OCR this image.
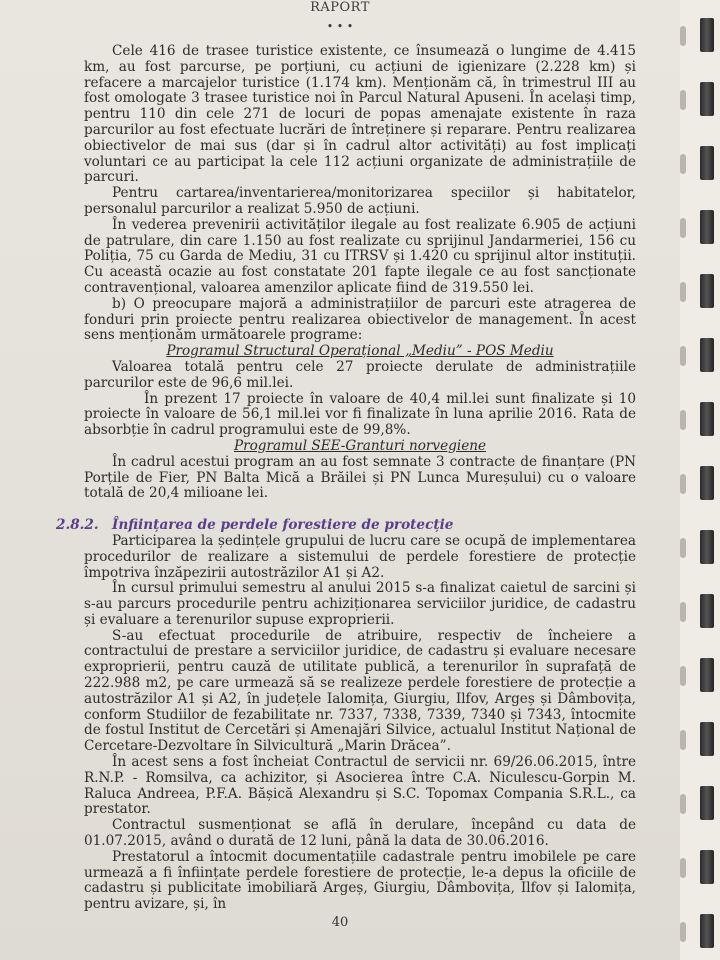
RAPORT
• • •

Cele 416 de trasee turistice existente, ce însumează o lungime de 4.415 km, au fost parcurse, pe porțiuni, cu acțiuni de igienizare (2.228 km) și refacere a marcajelor turistice (1.174 km). Menționăm că, în trimestrul III au fost omologate 3 trasee turistice noi în Parcul Natural Apuseni. În același timp, pentru 110 din cele 271 de locuri de popas amenajate existente în raza parcurilor au fost efectuate lucrări de întreținere și reparare. Pentru realizarea obiectivelor de mai sus (dar și în cadrul altor activități) au fost implicați voluntari ce au participat la cele 112 acțiuni organizate de administrațiile de parcuri.

Pentru cartarea/inventarierea/monitorizarea speciilor și habitatelor, personalul parcurilor a realizat 5.950 de acțiuni.

În vederea prevenirii activităților ilegale au fost realizate 6.905 de acțiuni de patrulare, din care 1.150 au fost realizate cu sprijinul Jandarmeriei, 156 cu Poliția, 75 cu Garda de Mediu, 31 cu ITRSV și 1.420 cu sprijinul altor instituții. Cu această ocazie au fost constatate 201 fapte ilegale ce au fost sancționate contravențional, valoarea amenzilor aplicate fiind de 319.550 lei.

b) O preocupare majoră a administrațiilor de parcuri este atragerea de fonduri prin proiecte pentru realizarea obiectivelor de management. În acest sens menționăm următoarele programe:

Programul Structural Operațional „Mediu” - POS Mediu

Valoarea totală pentru cele 27 proiecte derulate de administrațiile parcurilor este de 96,6 mil.lei.

În prezent 17 proiecte în valoare de 40,4 mil.lei sunt finalizate și 10 proiecte în valoare de 56,1 mil.lei vor fi finalizate în luna aprilie 2016. Rata de absorbție în cadrul programului este de 99,8%.

Programul SEE-Granturi norvegiene

În cadrul acestui program an au fost semnate 3 contracte de finanțare (PN Porțile de Fier, PN Balta Mică a Brăilei și PN Lunca Mureșului) cu o valoare totală de 20,4 milioane lei.

2.8.2. Înființarea de perdele forestiere de protecție

Participarea la ședințele grupului de lucru care se ocupă de implementarea procedurilor de realizare a sistemului de perdele forestiere de protecție împotriva înzăpezirii autostrăzilor A1 și A2.

În cursul primului semestru al anului 2015 s-a finalizat caietul de sarcini și s-au parcurs procedurile pentru achiziționarea serviciilor juridice, de cadastru și evaluare a terenurilor supuse exproprierii.

S-au efectuat procedurile de atribuire, respectiv de încheiere a contractului de prestare a serviciilor juridice, de cadastru și evaluare necesare exproprierii, pentru cauză de utilitate publică, a terenurilor în suprafață de 222.988 m2, pe care urmează să se realizeze perdele forestiere de protecție a autostrăzilor A1 și A2, în județele Ialomița, Giurgiu, Ilfov, Argeș și Dâmbovița, conform Studiilor de fezabilitate nr. 7337, 7338, 7339, 7340 și 7343, întocmite de fostul Institut de Cercetări și Amenajări Silvice, actualul Institut Național de Cercetare-Dezvoltare în Silvicultură „Marin Drăcea”.

În acest sens a fost încheiat Contractul de servicii nr. 69/26.06.2015, între R.N.P. - Romsilva, ca achizitor, și Asocierea între C.A. Niculescu-Gorpin M. Raluca Andreea, P.F.A. Bășică Alexandru și S.C. Topomax Compania S.R.L., ca prestator.

Contractul susmenționat se află în derulare, începând cu data de 01.07.2015, având o durată de 12 luni, până la data de 30.06.2016.

Prestatorul a întocmit documentațiile cadastrale pentru imobilele pe care urmează a fi înființate perdele forestiere de protecție, le-a depus la oficiile de cadastru și publicitate imobiliară Argeș, Giurgiu, Dâmbovița, Ilfov și Ialomița, pentru avizare, și, în

40
